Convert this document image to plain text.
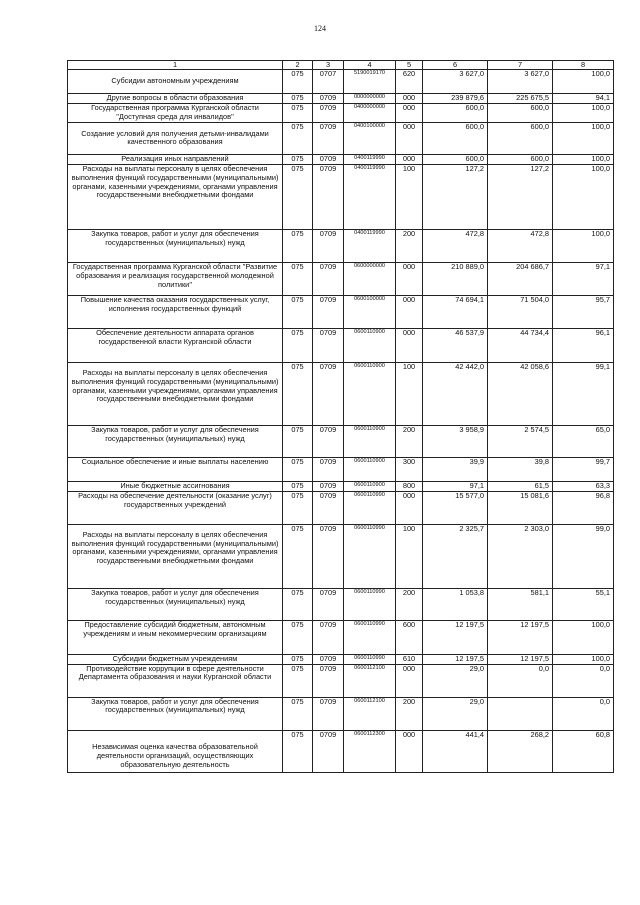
124
1	2	3	4	5	6	7	8
Субсидии автономным учреждениям	075	0707	5190019170	620	3 627,0	3 627,0	100,0
Другие вопросы в области образования	075	0709	0000000000	000	239 879,6	225 675,5	94,1
Государственная программа Курганской области "Доступная среда для инвалидов"	075	0709	0400000000	000	600,0	600,0	100,0
Создание условий для получения детьми-инвалидами качественного образования	075	0709	0400100000	000	600,0	600,0	100,0
Реализация иных направлений	075	0709	0400119990	000	600,0	600,0	100,0
Расходы на выплаты персоналу в целях обеспечения выполнения функций государственными (муниципальными) органами, казенными учреждениями, органами управления государственными внебюджетными фондами	075	0709	0400119990	100	127,2	127,2	100,0
Закупка товаров, работ и услуг для обеспечения государственных (муниципальных) нужд	075	0709	0400119990	200	472,8	472,8	100,0
Государственная программа Курганской области "Развитие образования и реализация государственной молодежной политики"	075	0709	0600000000	000	210 889,0	204 686,7	97,1
Повышение качества оказания государственных услуг, исполнения государственных функций	075	0709	0600100000	000	74 694,1	71 504,0	95,7
Обеспечение деятельности аппарата органов государственной власти Курганской области	075	0709	0600110900	000	46 537,9	44 734,4	96,1
Расходы на выплаты персоналу в целях обеспечения выполнения функций государственными (муниципальными) органами, казенными учреждениями, органами управления государственными внебюджетными фондами	075	0709	0600110900	100	42 442,0	42 058,6	99,1
Закупка товаров, работ и услуг для обеспечения государственных (муниципальных) нужд	075	0709	0600110900	200	3 958,9	2 574,5	65,0
Социальное обеспечение и иные выплаты населению	075	0709	0600110900	300	39,9	39,8	99,7
Иные бюджетные ассигнования	075	0709	0600110900	800	97,1	61,5	63,3
Расходы на обеспечение деятельности (оказание услуг) государственных учреждений	075	0709	0600110990	000	15 577,0	15 081,6	96,8
Расходы на выплаты персоналу в целях обеспечения выполнения функций государственными (муниципальными) органами, казенными учреждениями, органами управления государственными внебюджетными фондами	075	0709	0600110990	100	2 325,7	2 303,0	99,0
Закупка товаров, работ и услуг для обеспечения государственных (муниципальных) нужд	075	0709	0600110990	200	1 053,8	581,1	55,1
Предоставление субсидий бюджетным, автономным учреждениям и иным некоммерческим организациям	075	0709	0600110990	600	12 197,5	12 197,5	100,0
Субсидии бюджетным учреждениям	075	0709	0600110990	610	12 197,5	12 197,5	100,0
Противодействие коррупции в сфере деятельности Департамента образования и науки Курганской области	075	0709	0600112100	000	29,0	0,0	0,0
Закупка товаров, работ и услуг для обеспечения государственных (муниципальных) нужд	075	0709	0600112100	200	29,0		0,0
Независимая оценка качества образовательной деятельности организаций, осуществляющих образовательную деятельность	075	0709	0600112300	000	441,4	268,2	60,8
